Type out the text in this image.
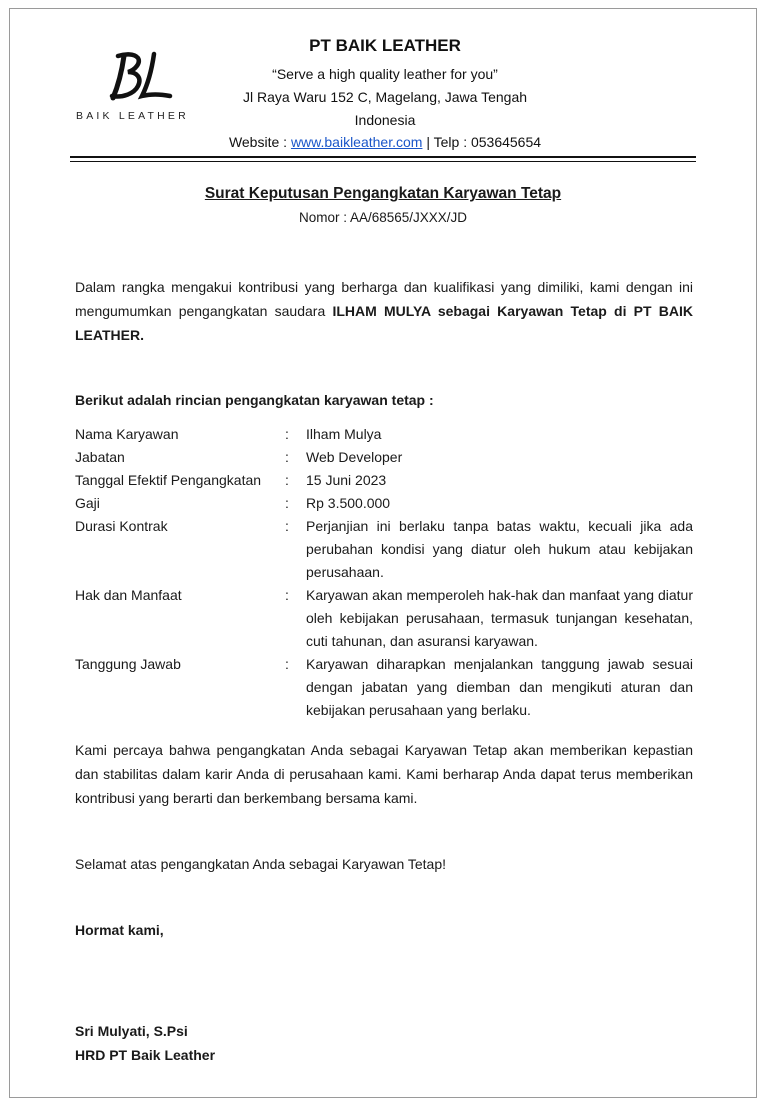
BAIK LEATHER
PT BAIK LEATHER
“Serve a high quality leather for you”
Jl Raya Waru 152 C, Magelang, Jawa Tengah
Indonesia
Website : www.baikleather.com | Telp : 053645654
Surat Keputusan Pengangkatan Karyawan Tetap
Nomor : AA/68565/JXXX/JD
Dalam rangka mengakui kontribusi yang berharga dan kualifikasi yang dimiliki, kami dengan ini mengumumkan pengangkatan saudara ILHAM MULYA sebagai Karyawan Tetap di PT BAIK LEATHER.
Berikut adalah rincian pengangkatan karyawan tetap :
Nama Karyawan	: Ilham Mulya
Jabatan	: Web Developer
Tanggal Efektif Pengangkatan	: 15 Juni 2023
Gaji	: Rp 3.500.000
Durasi Kontrak	: Perjanjian ini berlaku tanpa batas waktu, kecuali jika ada perubahan kondisi yang diatur oleh hukum atau kebijakan perusahaan.
Hak dan Manfaat	: Karyawan akan memperoleh hak-hak dan manfaat yang diatur oleh kebijakan perusahaan, termasuk tunjangan kesehatan, cuti tahunan, dan asuransi karyawan.
Tanggung Jawab	: Karyawan diharapkan menjalankan tanggung jawab sesuai dengan jabatan yang diemban dan mengikuti aturan dan kebijakan perusahaan yang berlaku.
Kami percaya bahwa pengangkatan Anda sebagai Karyawan Tetap akan memberikan kepastian dan stabilitas dalam karir Anda di perusahaan kami. Kami berharap Anda dapat terus memberikan kontribusi yang berarti dan berkembang bersama kami.
Selamat atas pengangkatan Anda sebagai Karyawan Tetap!
Hormat kami,
Sri Mulyati, S.Psi
HRD PT Baik Leather
